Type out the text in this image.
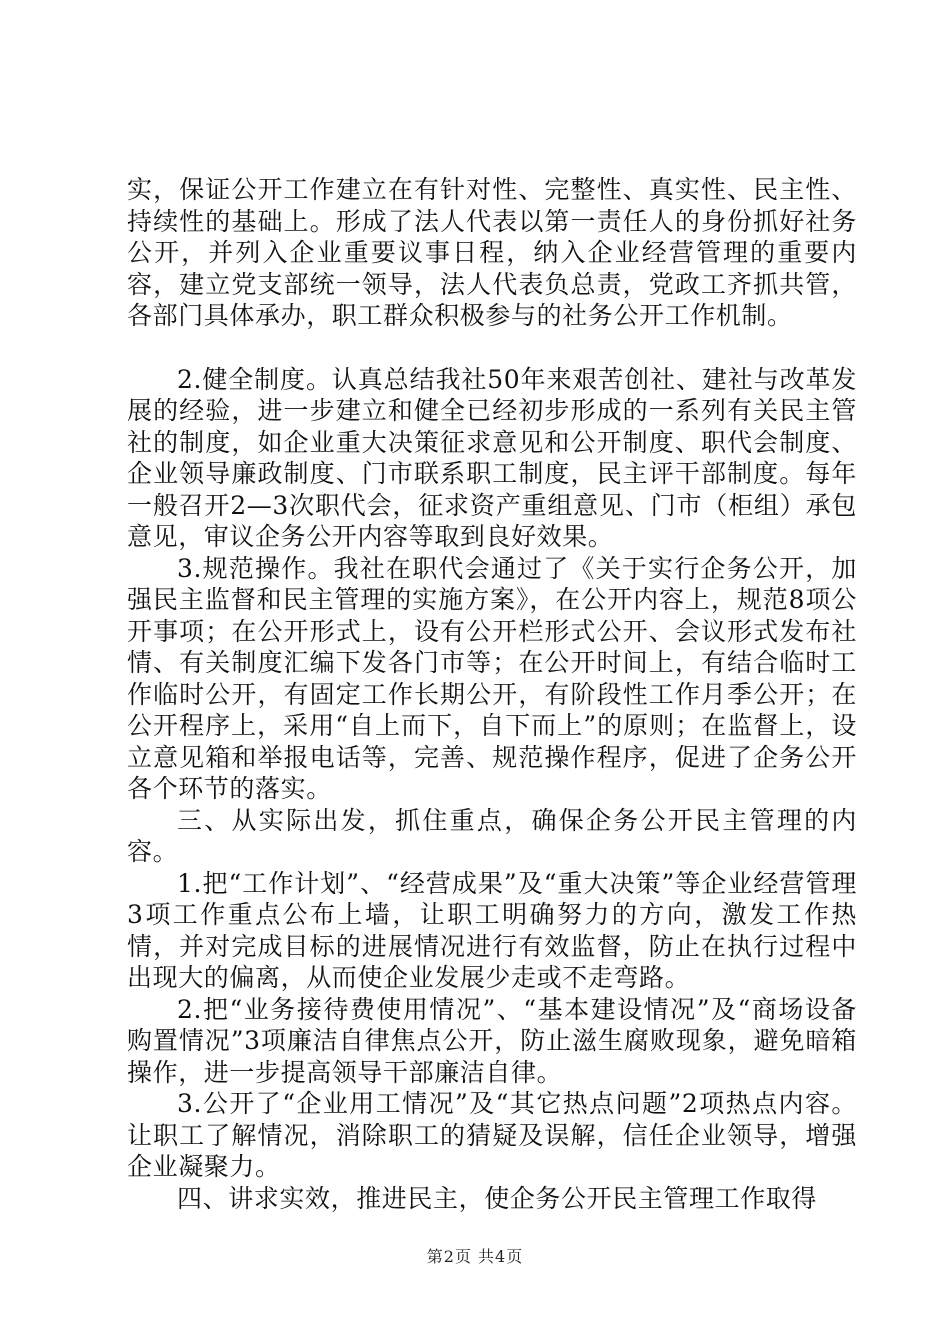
实，保证公开工作建立在有针对性、完整性、真实性、民主性、持续性的基础上。形成了法人代表以第一责任人的身份抓好社务公开，并列入企业重要议事日程，纳入企业经营管理的重要内容，建立党支部统一领导，法人代表负总责，党政工齐抓共管，各部门具体承办，职工群众积极参与的社务公开工作机制。

2.健全制度。认真总结我社50年来艰苦创社、建社与改革发展的经验，进一步建立和健全已经初步形成的一系列有关民主管社的制度，如企业重大决策征求意见和公开制度、职代会制度、企业领导廉政制度、门市联系职工制度，民主评干部制度。每年一般召开2—3次职代会，征求资产重组意见、门市（柜组）承包意见，审议企务公开内容等取到良好效果。

3.规范操作。我社在职代会通过了《关于实行企务公开，加强民主监督和民主管理的实施方案》，在公开内容上，规范8项公开事项；在公开形式上，设有公开栏形式公开、会议形式发布社情、有关制度汇编下发各门市等；在公开时间上，有结合临时工作临时公开，有固定工作长期公开，有阶段性工作月季公开；在公开程序上，采用“自上而下，自下而上”的原则；在监督上，设立意见箱和举报电话等，完善、规范操作程序，促进了企务公开各个环节的落实。

三、从实际出发，抓住重点，确保企务公开民主管理的内容。

1.把“工作计划”、“经营成果”及“重大决策”等企业经营管理3项工作重点公布上墙，让职工明确努力的方向，激发工作热情，并对完成目标的进展情况进行有效监督，防止在执行过程中出现大的偏离，从而使企业发展少走或不走弯路。

2.把“业务接待费使用情况”、“基本建设情况”及“商场设备购置情况”3项廉洁自律焦点公开，防止滋生腐败现象，避免暗箱操作，进一步提高领导干部廉洁自律。

3.公开了“企业用工情况”及“其它热点问题”2项热点内容。让职工了解情况，消除职工的猜疑及误解，信任企业领导，增强企业凝聚力。

四、讲求实效，推进民主，使企务公开民主管理工作取得

第2页 共4页
